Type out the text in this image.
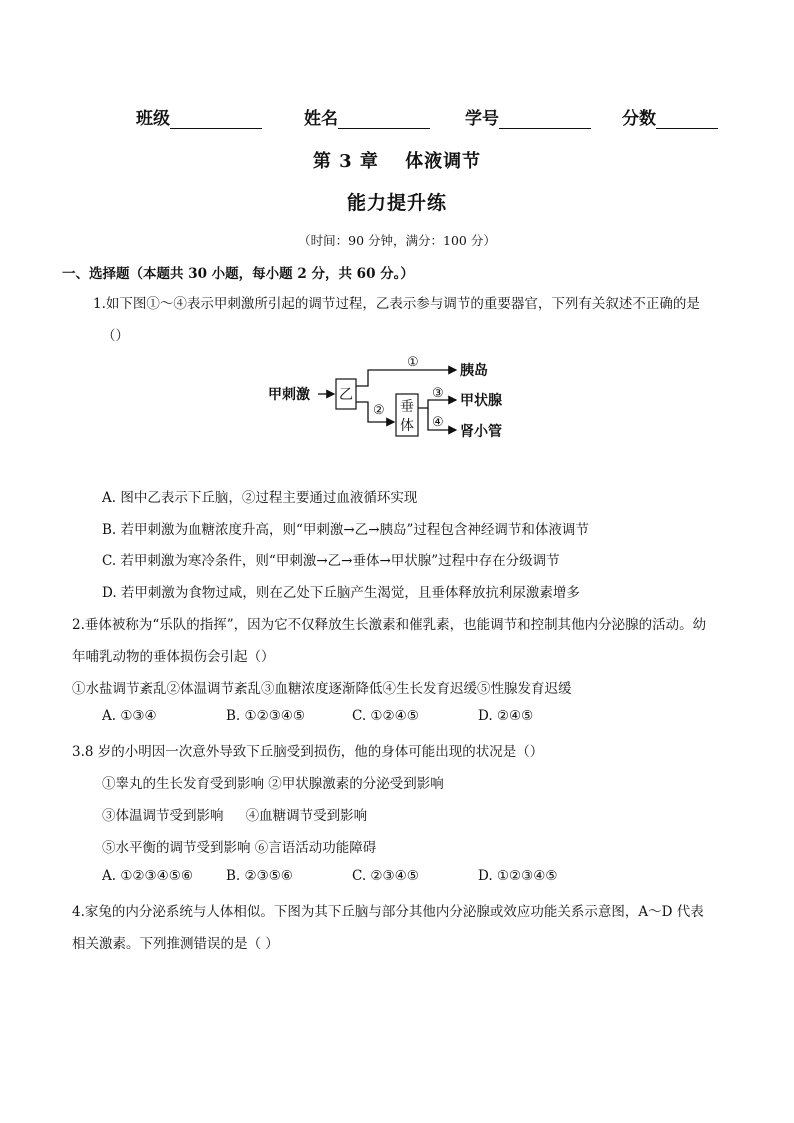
班级	姓名	学号	分数
第 3 章　 体液调节
能力提升练
（时间：90 分钟，满分：100 分）
一、选择题（本题共 30 小题，每小题 2 分，共 60 分。）
1.如下图①～④表示甲刺激所引起的调节过程，乙表示参与调节的重要器官，下列有关叙述不正确的是
（）
甲刺激 乙
①
胰岛
② 垂
体
③ 甲状腺
④
肾小管
A. 图中乙表示下丘脑，②过程主要通过血液循环实现
B. 若甲刺激为血糖浓度升高，则“甲刺激→乙→胰岛”过程包含神经调节和体液调节
C. 若甲刺激为寒冷条件，则“甲刺激→乙→垂体→甲状腺”过程中存在分级调节
D. 若甲刺激为食物过咸，则在乙处下丘脑产生渴觉，且垂体释放抗利尿激素增多
2.垂体被称为“乐队的指挥”，因为它不仅释放生长激素和催乳素，也能调节和控制其他内分泌腺的活动。幼
年哺乳动物的垂体损伤会引起（）
①水盐调节紊乱②体温调节紊乱③血糖浓度逐渐降低④生长发育迟缓⑤性腺发育迟缓
A. ①③④	B. ①②③④⑤	C. ①②④⑤	D. ②④⑤
3.8 岁的小明因一次意外导致下丘脑受到损伤，他的身体可能出现的状况是（）
①睾丸的生长发育受到影响 ②甲状腺激素的分泌受到影响
③体温调节受到影响 　 ④血糖调节受到影响
⑤水平衡的调节受到影响 ⑥言语活动功能障碍
A. ①②③④⑤⑥ B. ②③⑤⑥	C. ②③④⑤	D. ①②③④⑤
4.家兔的内分泌系统与人体相似。下图为其下丘脑与部分其他内分泌腺或效应功能关系示意图，A～D 代表
相关激素。下列推测错误的是（ ）
